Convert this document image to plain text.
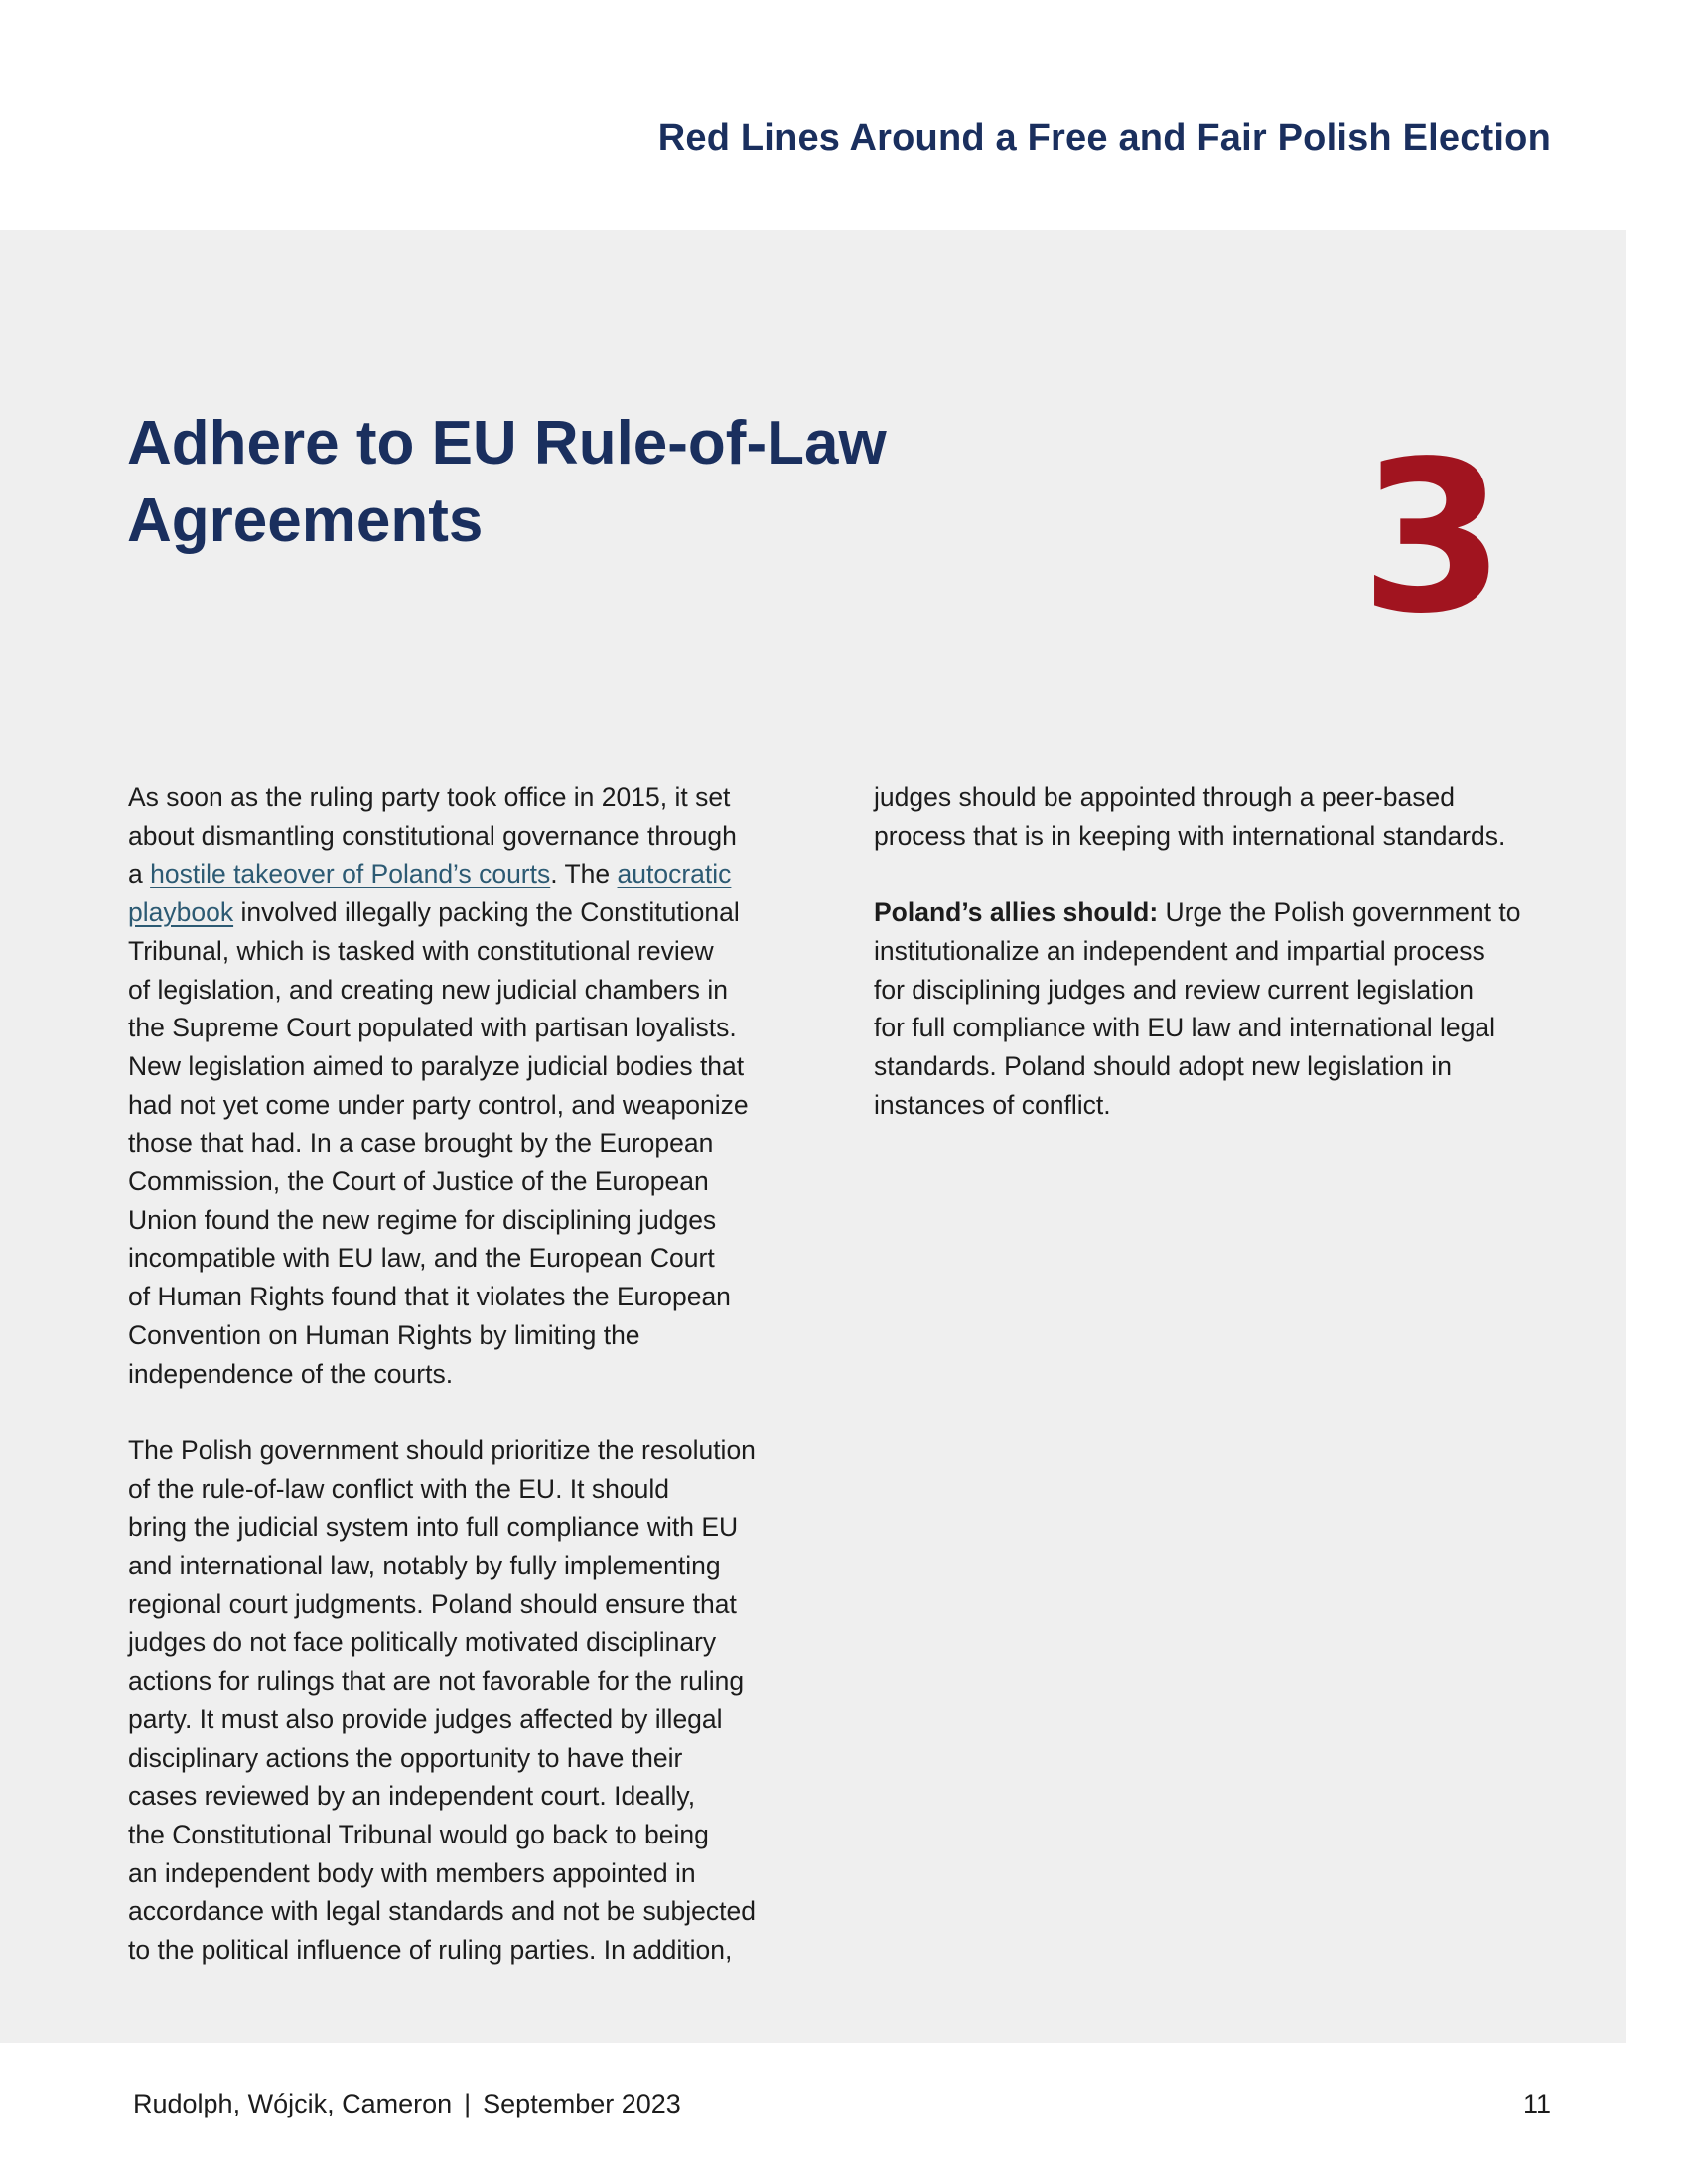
Red Lines Around a Free and Fair Polish Election
Adhere to EU Rule-of-Law
Agreements	3
As soon as the ruling party took office in 2015, it set
about dismantling constitutional governance through
a hostile takeover of Poland’s courts. The autocratic
playbook involved illegally packing the Constitutional
Tribunal, which is tasked with constitutional review
of legislation, and creating new judicial chambers in
the Supreme Court populated with partisan loyalists.
New legislation aimed to paralyze judicial bodies that
had not yet come under party control, and weaponize
those that had. In a case brought by the European
Commission, the Court of Justice of the European
Union found the new regime for disciplining judges
incompatible with EU law, and the European Court
of Human Rights found that it violates the European
Convention on Human Rights by limiting the
independence of the courts.
The Polish government should prioritize the resolution
of the rule-of-law conflict with the EU. It should
bring the judicial system into full compliance with EU
and international law, notably by fully implementing
regional court judgments. Poland should ensure that
judges do not face politically motivated disciplinary
actions for rulings that are not favorable for the ruling
party. It must also provide judges affected by illegal
disciplinary actions the opportunity to have their
cases reviewed by an independent court. Ideally,
the Constitutional Tribunal would go back to being
an independent body with members appointed in
accordance with legal standards and not be subjected
to the political influence of ruling parties. In addition,
judges should be appointed through a peer-based
process that is in keeping with international standards.
Poland’s allies should: Urge the Polish government to
institutionalize an independent and impartial process
for disciplining judges and review current legislation
for full compliance with EU law and international legal
standards. Poland should adopt new legislation in
instances of conflict.
Rudolph, Wójcik, Cameron | September 2023	11
